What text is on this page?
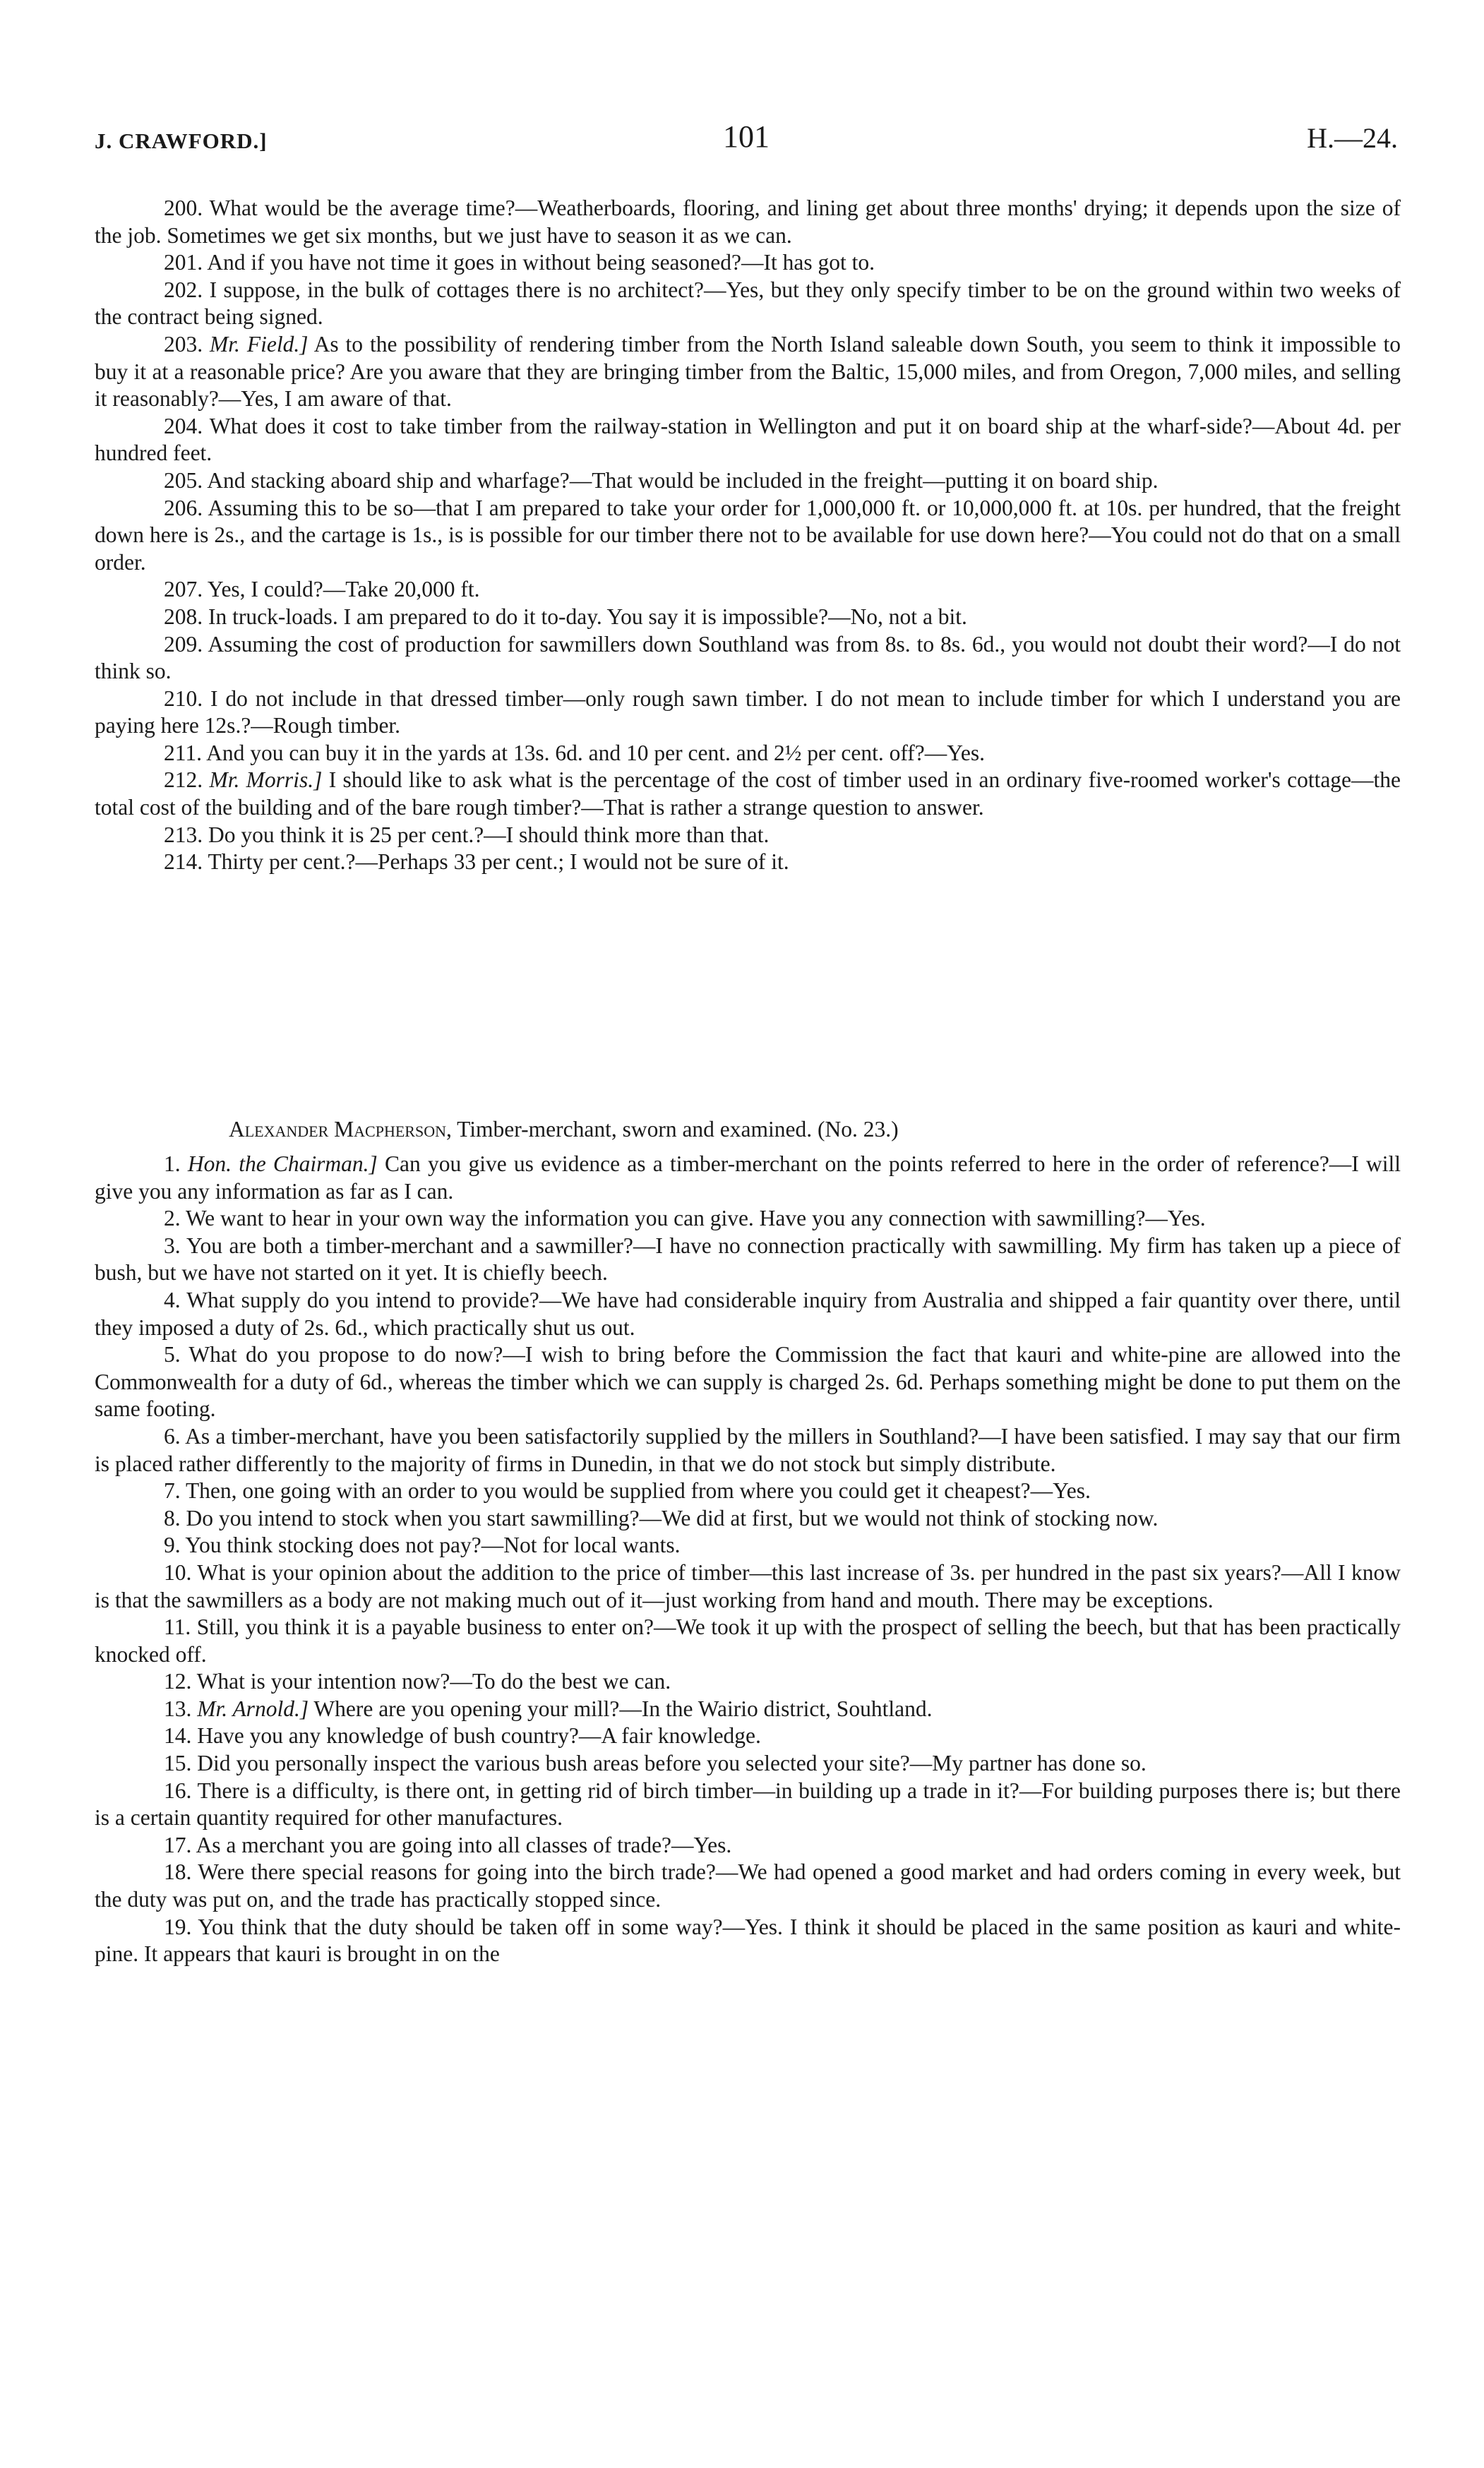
J. CRAWFORD.]	101	H.—24.

200. What would be the average time?—Weatherboards, flooring, and lining get about three months' drying; it depends upon the size of the job. Sometimes we get six months, but we just have to season it as we can.

201. And if you have not time it goes in without being seasoned?—It has got to.

202. I suppose, in the bulk of cottages there is no architect?—Yes, but they only specify timber to be on the ground within two weeks of the contract being signed.

203. Mr. Field.] As to the possibility of rendering timber from the North Island saleable down South, you seem to think it impossible to buy it at a reasonable price? Are you aware that they are bringing timber from the Baltic, 15,000 miles, and from Oregon, 7,000 miles, and selling it reasonably?—Yes, I am aware of that.

204. What does it cost to take timber from the railway-station in Wellington and put it on board ship at the wharf-side?—About 4d. per hundred feet.

205. And stacking aboard ship and wharfage?—That would be included in the freight—putting it on board ship.

206. Assuming this to be so—that I am prepared to take your order for 1,000,000 ft. or 10,000,000 ft. at 10s. per hundred, that the freight down here is 2s., and the cartage is 1s., is is possible for our timber there not to be available for use down here?—You could not do that on a small order.

207. Yes, I could?—Take 20,000 ft.

208. In truck-loads. I am prepared to do it to-day. You say it is impossible?—No, not a bit.

209. Assuming the cost of production for sawmillers down Southland was from 8s. to 8s. 6d., you would not doubt their word?—I do not think so.

210. I do not include in that dressed timber—only rough sawn timber. I do not mean to include timber for which I understand you are paying here 12s.?—Rough timber.

211. And you can buy it in the yards at 13s. 6d. and 10 per cent. and 2½ per cent. off?—Yes.

212. Mr. Morris.] I should like to ask what is the percentage of the cost of timber used in an ordinary five-roomed worker's cottage—the total cost of the building and of the bare rough timber?—That is rather a strange question to answer.

213. Do you think it is 25 per cent.?—I should think more than that.

214. Thirty per cent.?—Perhaps 33 per cent.; I would not be sure of it.

Alexander Macpherson, Timber-merchant, sworn and examined. (No. 23.)

1. Hon. the Chairman.] Can you give us evidence as a timber-merchant on the points referred to here in the order of reference?—I will give you any information as far as I can.

2. We want to hear in your own way the information you can give. Have you any connection with sawmilling?—Yes.

3. You are both a timber-merchant and a sawmiller?—I have no connection practically with sawmilling. My firm has taken up a piece of bush, but we have not started on it yet. It is chiefly beech.

4. What supply do you intend to provide?—We have had considerable inquiry from Australia and shipped a fair quantity over there, until they imposed a duty of 2s. 6d., which practically shut us out.

5. What do you propose to do now?—I wish to bring before the Commission the fact that kauri and white-pine are allowed into the Commonwealth for a duty of 6d., whereas the timber which we can supply is charged 2s. 6d. Perhaps something might be done to put them on the same footing.

6. As a timber-merchant, have you been satisfactorily supplied by the millers in Southland?—I have been satisfied. I may say that our firm is placed rather differently to the majority of firms in Dunedin, in that we do not stock but simply distribute.

7. Then, one going with an order to you would be supplied from where you could get it cheapest?—Yes.

8. Do you intend to stock when you start sawmilling?—We did at first, but we would not think of stocking now.

9. You think stocking does not pay?—Not for local wants.

10. What is your opinion about the addition to the price of timber—this last increase of 3s. per hundred in the past six years?—All I know is that the sawmillers as a body are not making much out of it—just working from hand and mouth. There may be exceptions.

11. Still, you think it is a payable business to enter on?—We took it up with the prospect of selling the beech, but that has been practically knocked off.

12. What is your intention now?—To do the best we can.

13. Mr. Arnold.] Where are you opening your mill?—In the Wairio district, Souhtland.

14. Have you any knowledge of bush country?—A fair knowledge.

15. Did you personally inspect the various bush areas before you selected your site?—My partner has done so.

16. There is a difficulty, is there ont, in getting rid of birch timber—in building up a trade in it?—For building purposes there is; but there is a certain quantity required for other manufactures.

17. As a merchant you are going into all classes of trade?—Yes.

18. Were there special reasons for going into the birch trade?—We had opened a good market and had orders coming in every week, but the duty was put on, and the trade has practically stopped since.

19. You think that the duty should be taken off in some way?—Yes. I think it should be placed in the same position as kauri and white-pine. It appears that kauri is brought in on the
